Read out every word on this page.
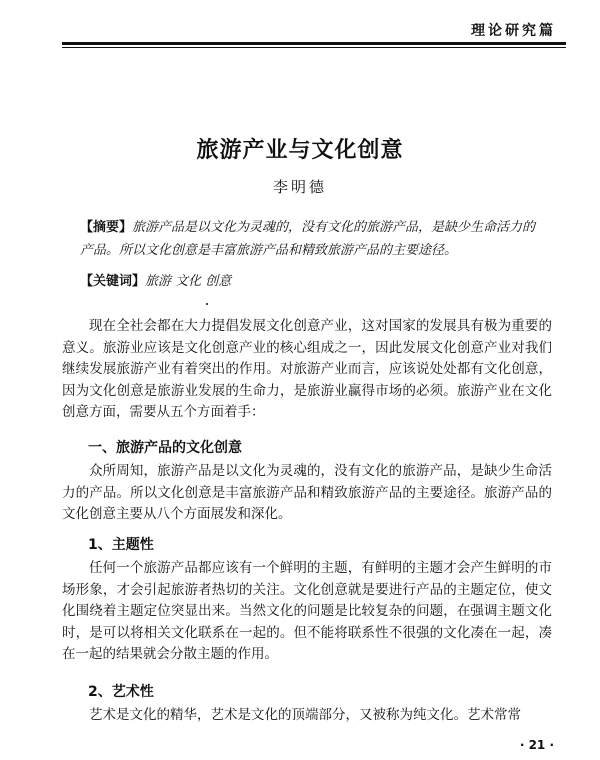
理论研究篇
旅游产业与文化创意
李明德

【摘要】旅游产品是以文化为灵魂的，没有文化的旅游产品，是缺少生命活力的产品。所以文化创意是丰富旅游产品和精致旅游产品的主要途径。

【关键词】旅游 文化 创意

现在全社会都在大力提倡发展文化创意产业，这对国家的发展具有极为重要的意义。旅游业应该是文化创意产业的核心组成之一，因此发展文化创意产业对我们继续发展旅游产业有着突出的作用。对旅游产业而言，应该说处处都有文化创意，因为文化创意是旅游业发展的生命力，是旅游业赢得市场的必须。旅游产业在文化创意方面，需要从五个方面着手：

一、旅游产品的文化创意

众所周知，旅游产品是以文化为灵魂的，没有文化的旅游产品，是缺少生命活力的产品。所以文化创意是丰富旅游产品和精致旅游产品的主要途径。旅游产品的文化创意主要从八个方面展发和深化。

1、主题性

任何一个旅游产品都应该有一个鲜明的主题，有鲜明的主题才会产生鲜明的市场形象，才会引起旅游者热切的关注。文化创意就是要进行产品的主题定位，使文化围绕着主题定位突显出来。当然文化的问题是比较复杂的问题，在强调主题文化时，是可以将相关文化联系在一起的。但不能将联系性不很强的文化凑在一起，凑在一起的结果就会分散主题的作用。

2、艺术性

艺术是文化的精华，艺术是文化的顶端部分，又被称为纯文化。艺术常常

· 21 ·
